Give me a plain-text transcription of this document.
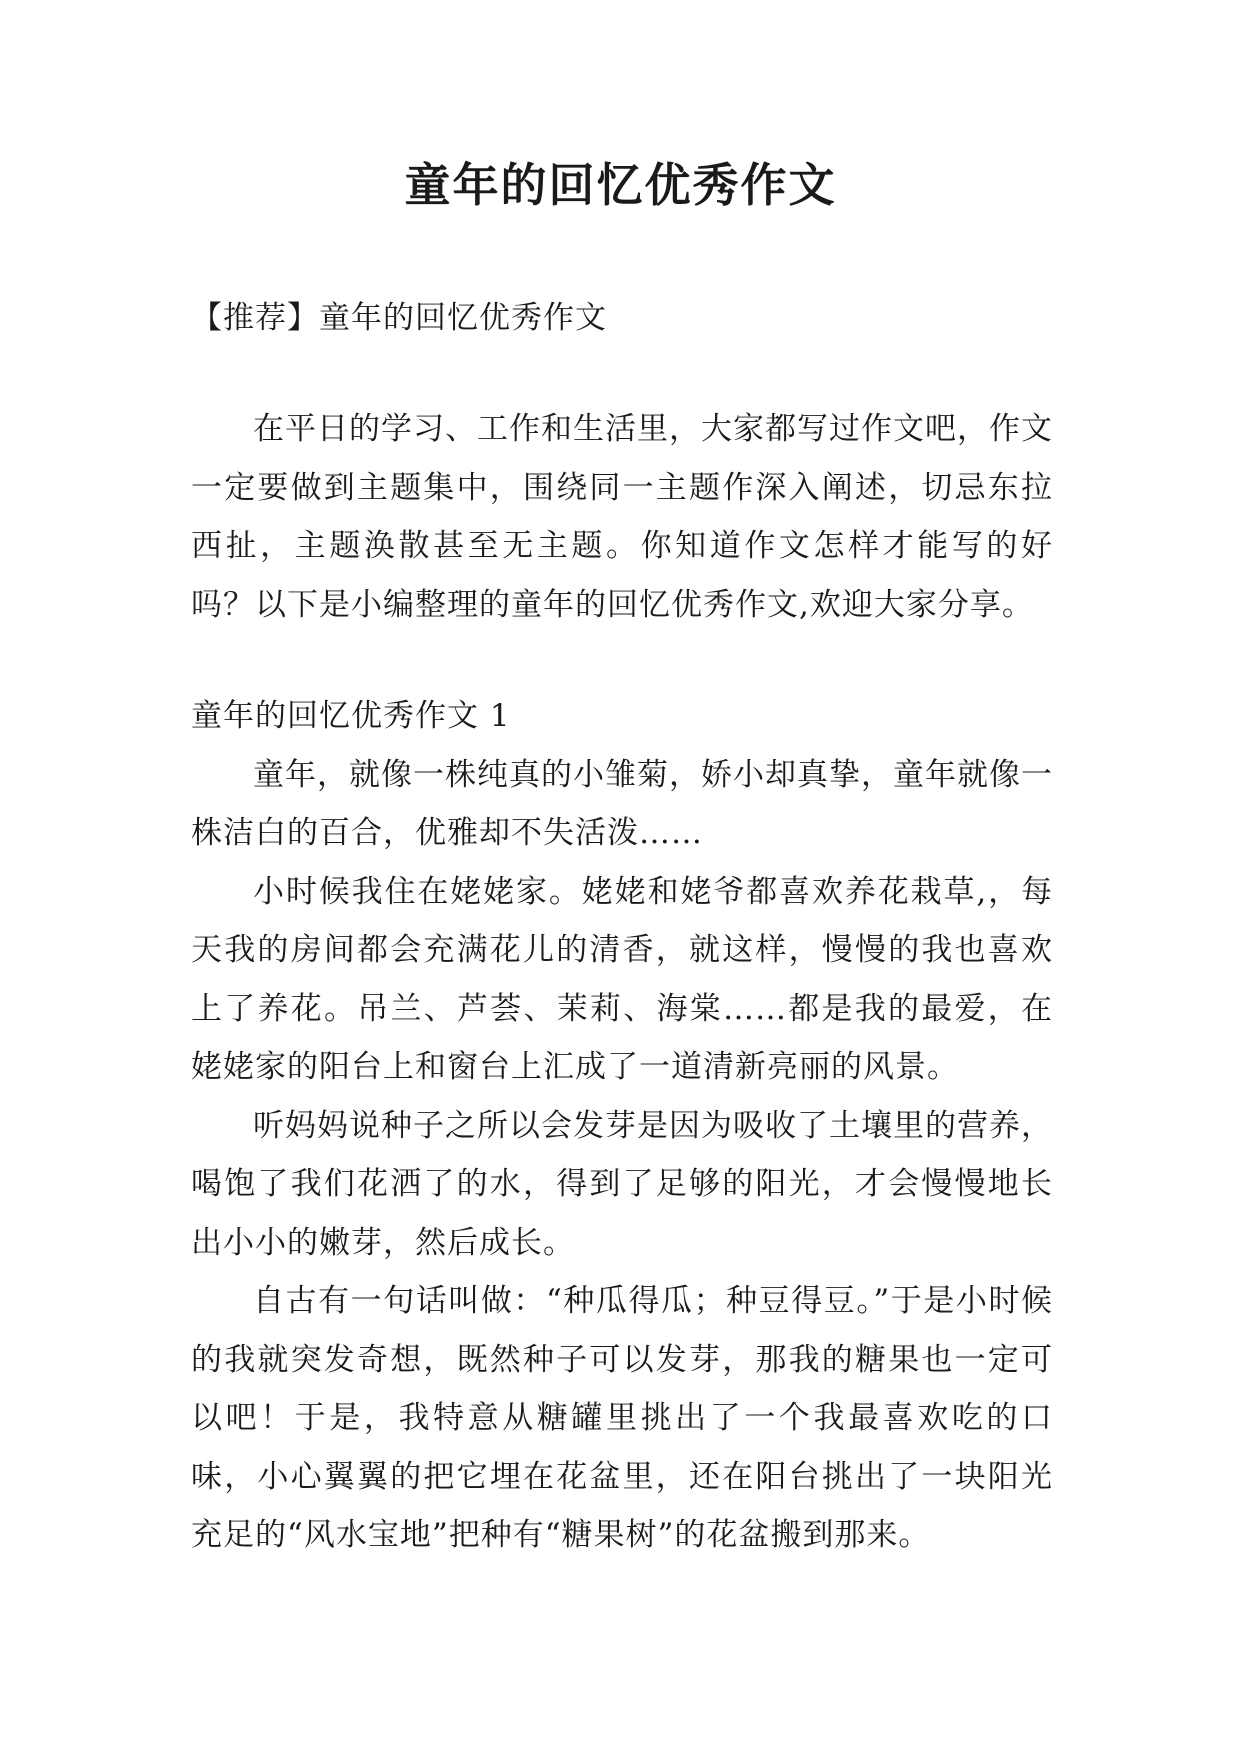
童年的回忆优秀作文

【推荐】童年的回忆优秀作文

在平日的学习、工作和生活里，大家都写过作文吧，作文一定要做到主题集中，围绕同一主题作深入阐述，切忌东拉西扯，主题涣散甚至无主题。你知道作文怎样才能写的好吗？以下是小编整理的童年的回忆优秀作文,欢迎大家分享。

童年的回忆优秀作文 1

童年，就像一株纯真的小雏菊，娇小却真挚，童年就像一株洁白的百合，优雅却不失活泼……

小时候我住在姥姥家。姥姥和姥爷都喜欢养花栽草,，每天我的房间都会充满花儿的清香，就这样，慢慢的我也喜欢上了养花。吊兰、芦荟、茉莉、海棠……都是我的最爱，在姥姥家的阳台上和窗台上汇成了一道清新亮丽的风景。

听妈妈说种子之所以会发芽是因为吸收了土壤里的营养，喝饱了我们花洒了的水，得到了足够的阳光，才会慢慢地长出小小的嫩芽，然后成长。

自古有一句话叫做：“种瓜得瓜；种豆得豆。”于是小时候的我就突发奇想，既然种子可以发芽，那我的糖果也一定可以吧！于是，我特意从糖罐里挑出了一个我最喜欢吃的口味，小心翼翼的把它埋在花盆里，还在阳台挑出了一块阳光充足的“风水宝地”把种有“糖果树”的花盆搬到那来。
